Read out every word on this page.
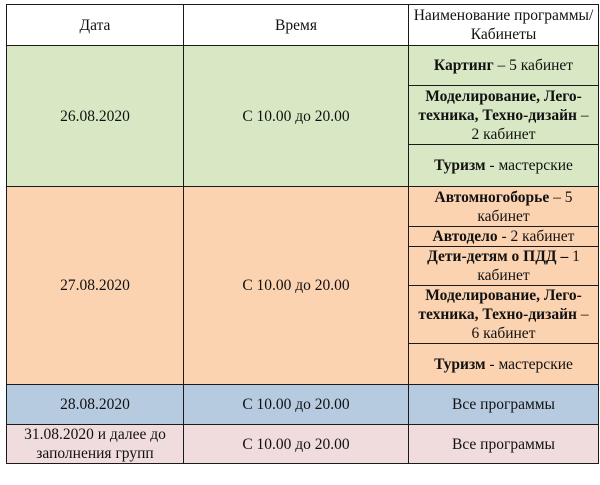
Дата	Время	Наименование программы/ Кабинеты
26.08.2020	С 10.00 до 20.00	Картинг – 5 кабинет
		Моделирование, Лего-техника, Техно-дизайн – 2 кабинет
		Туризм - мастерские
27.08.2020	С 10.00 до 20.00	Автомногоборье – 5 кабинет
		Автодело - 2 кабинет
		Дети-детям о ПДД – 1 кабинет
		Моделирование, Лего-техника, Техно-дизайн – 6 кабинет
		Туризм - мастерские
28.08.2020	С 10.00 до 20.00	Все программы
31.08.2020 и далее до заполнения групп	С 10.00 до 20.00	Все программы
